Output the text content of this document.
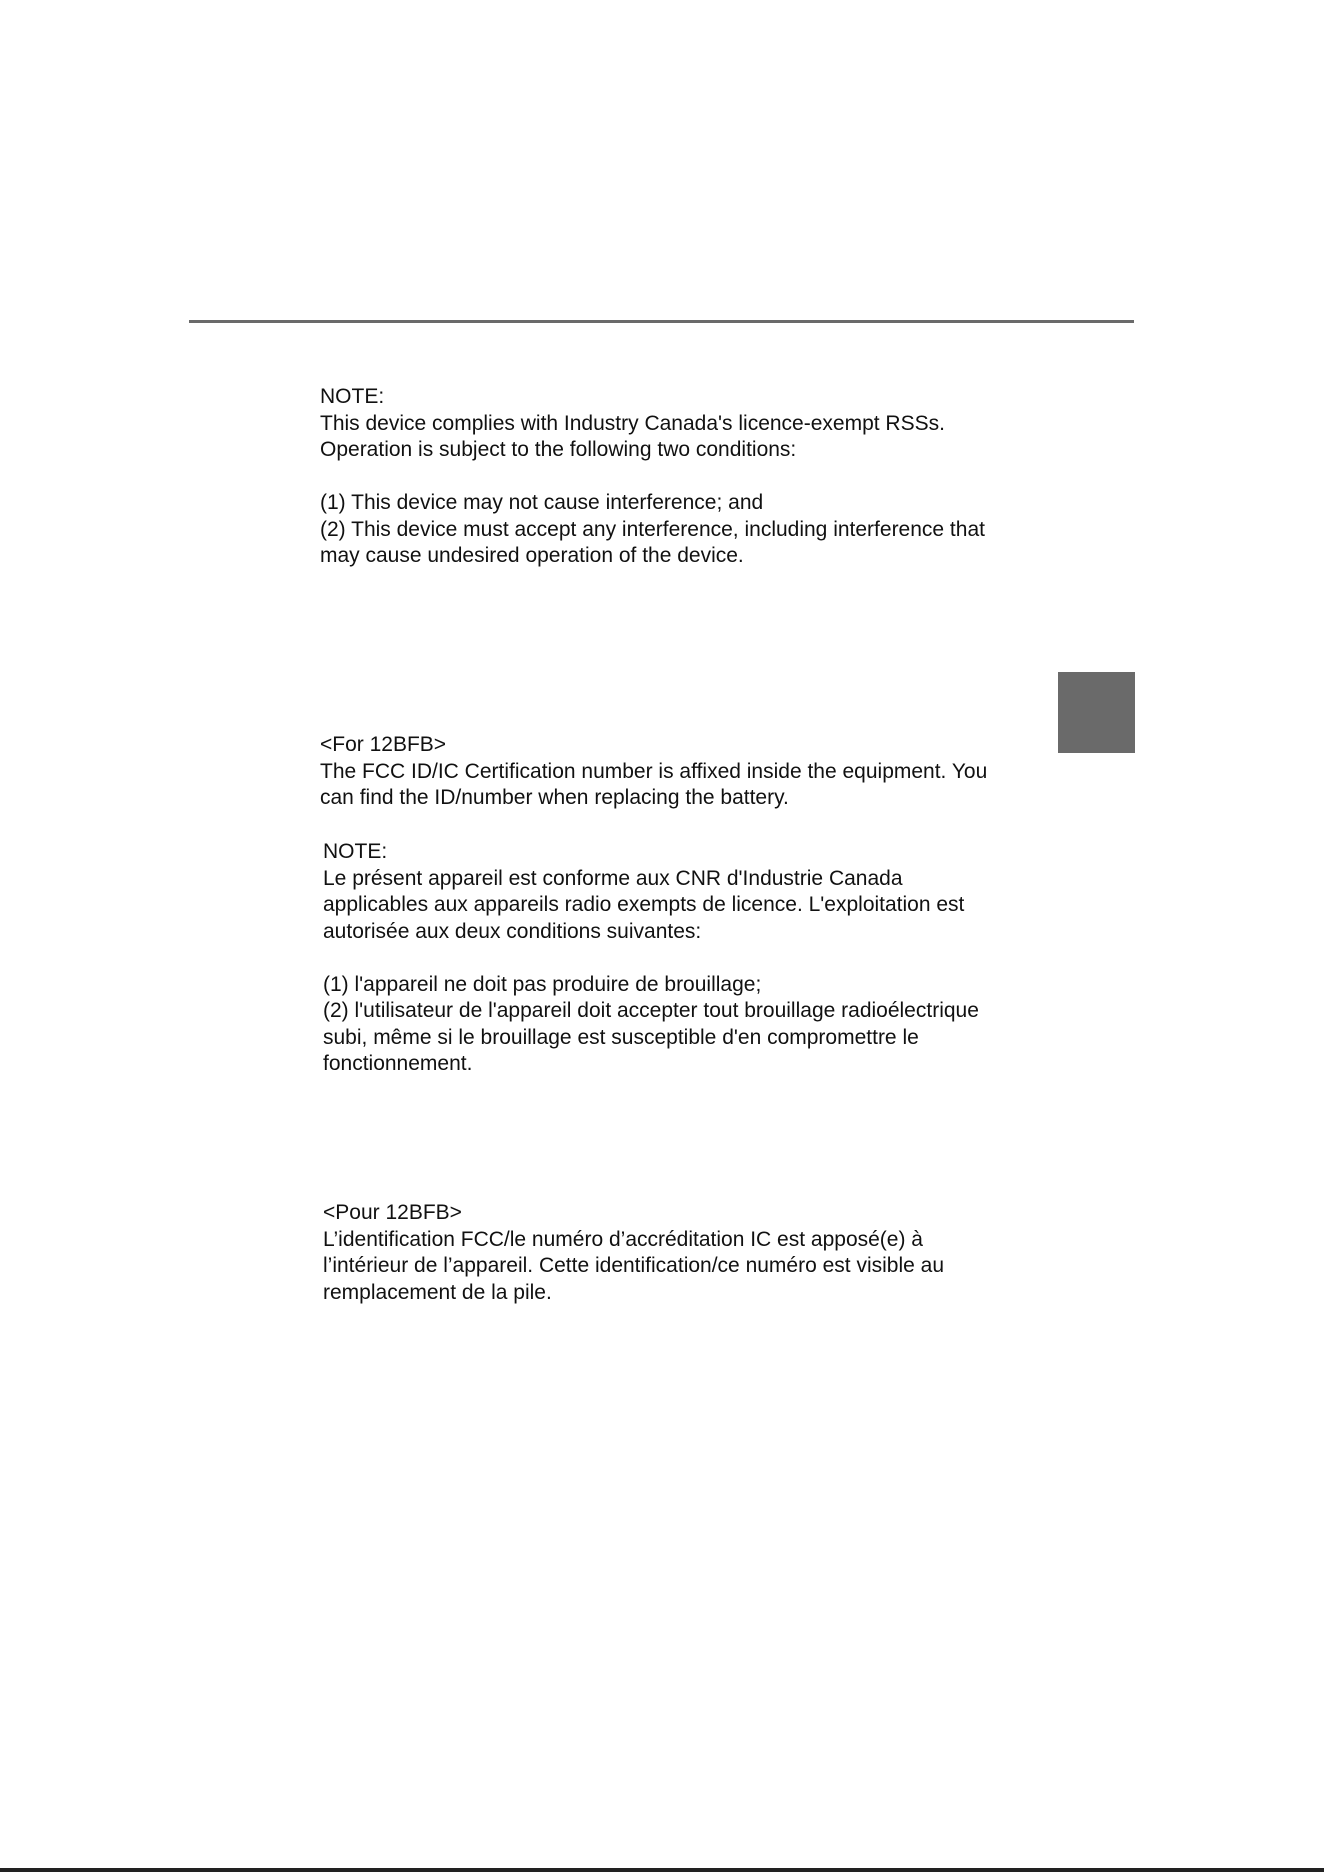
NOTE:

This device complies with Industry Canada's licence-exempt RSSs.

Operation is subject to the following two conditions:

(1) This device may not cause interference; and

(2) This device must accept any interference, including interference that

may cause undesired operation of the device.

<For 12BFB>

The FCC ID/IC Certification number is affixed inside the equipment. You

can find the ID/number when replacing the battery.

NOTE:

Le présent appareil est conforme aux CNR d'Industrie Canada

applicables aux appareils radio exempts de licence. L'exploitation est

autorisée aux deux conditions suivantes:

(1) l'appareil ne doit pas produire de brouillage;

(2) l'utilisateur de l'appareil doit accepter tout brouillage radioélectrique

subi, même si le brouillage est susceptible d'en compromettre le

fonctionnement.

<Pour 12BFB>

L’identification FCC/le numéro d’accréditation IC est apposé(e) à

l’intérieur de l’appareil. Cette identification/ce numéro est visible au

remplacement de la pile.
